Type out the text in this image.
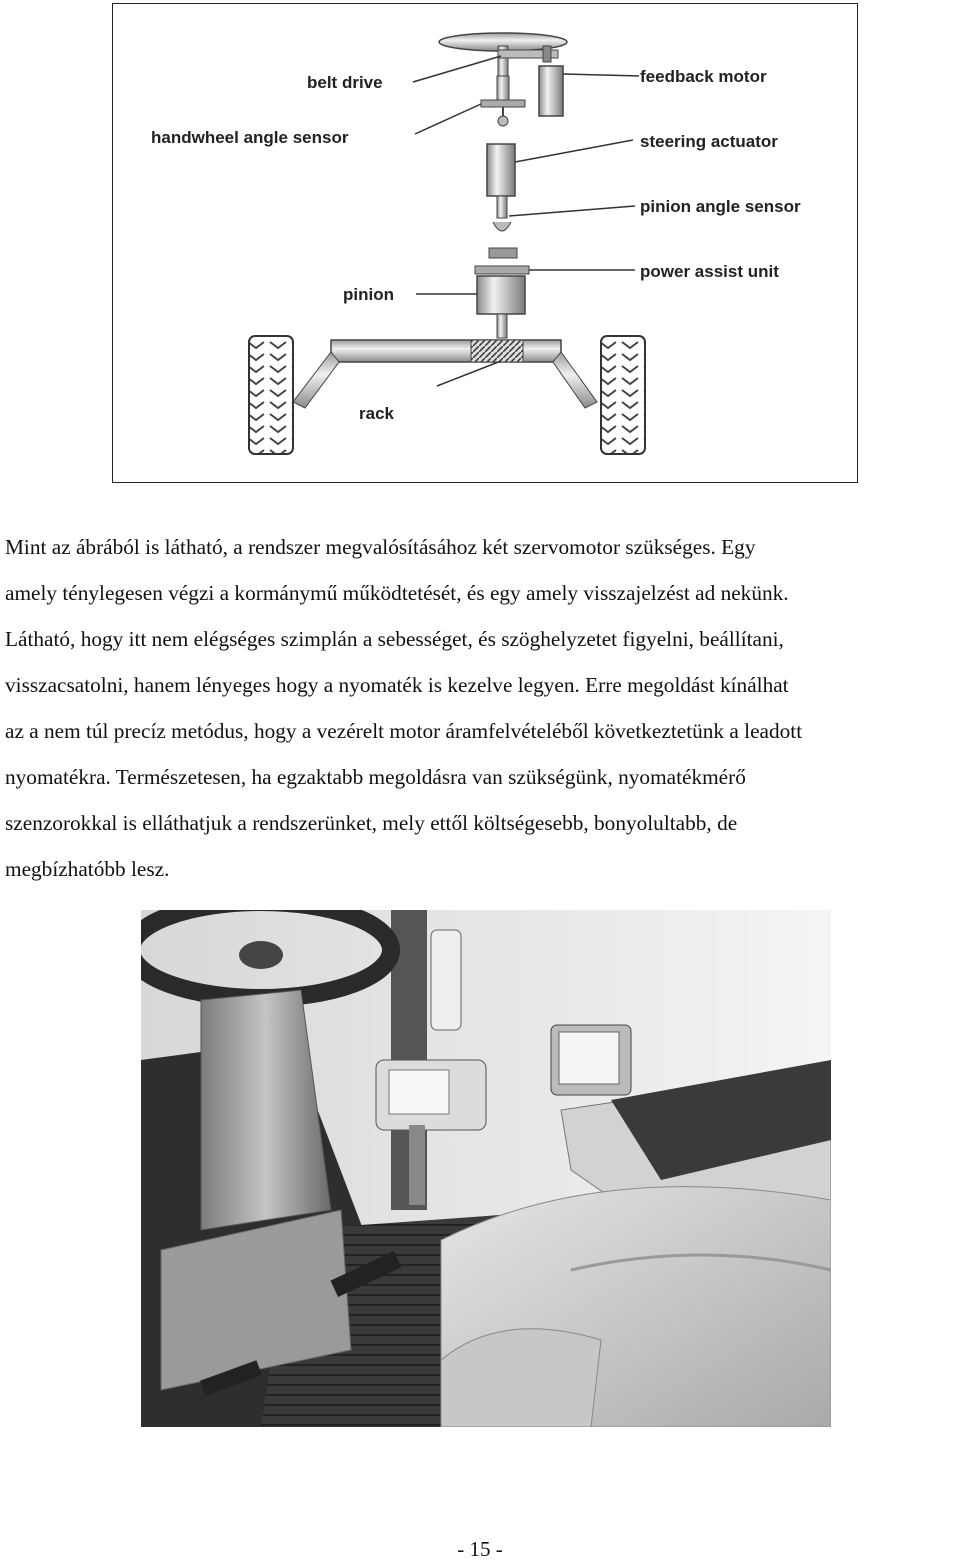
belt drive
handwheel angle sensor
pinion
rack
feedback motor
steering actuator
pinion angle sensor
power assist unit

Mint az ábrából is látható, a rendszer megvalósításához két szervomotor szükséges. Egy
amely ténylegesen végzi a kormánymű működtetését, és egy amely visszajelzést ad nekünk.
Látható, hogy itt nem elégséges szimplán a sebességet, és szöghelyzetet figyelni, beállítani,
visszacsatolni, hanem lényeges hogy a nyomaték is kezelve legyen. Erre megoldást kínálhat
az a nem túl precíz metódus, hogy a vezérelt motor áramfelvételéből következtetünk a leadott
nyomatékra. Természetesen, ha egzaktabb megoldásra van szükségünk, nyomatékmérő
szenzorokkal is elláthatjuk a rendszerünket, mely ettől költségesebb, bonyolultabb, de
megbízhatóbb lesz.

- 15 -
